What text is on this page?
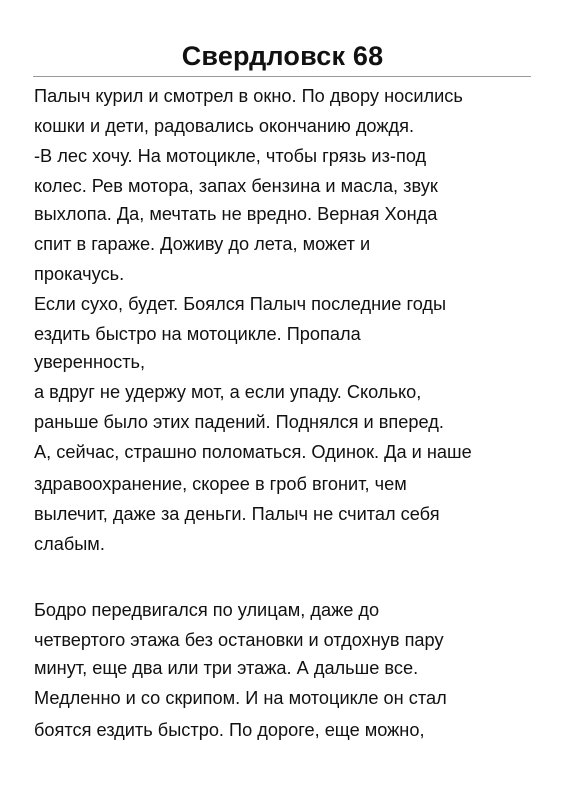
Свердловск 68
Палыч курил и смотрел в окно. По двору носились
кошки и дети, радовались окончанию дождя.
-В лес хочу. На мотоцикле, чтобы грязь из-под
колес. Рев мотора, запах бензина и масла, звук
выхлопа. Да, мечтать не вредно. Верная Хонда
спит в гараже. Доживу до лета, может и
прокачусь.
Если сухо, будет. Боялся Палыч последние годы
ездить быстро на мотоцикле. Пропала
уверенность,
а вдруг не удержу мот, а если упаду. Сколько,
раньше было этих падений. Поднялся и вперед.
А, сейчас, страшно поломаться. Одинок. Да и наше
здравоохранение, скорее в гроб вгонит, чем
вылечит, даже за деньги. Палыч не считал себя
слабым.
Бодро передвигался по улицам, даже до
четвертого этажа без остановки и отдохнув пару
минут, еще два или три этажа. А дальше все.
Медленно и со скрипом. И на мотоцикле он стал
боятся ездить быстро. По дороге, еще можно,
